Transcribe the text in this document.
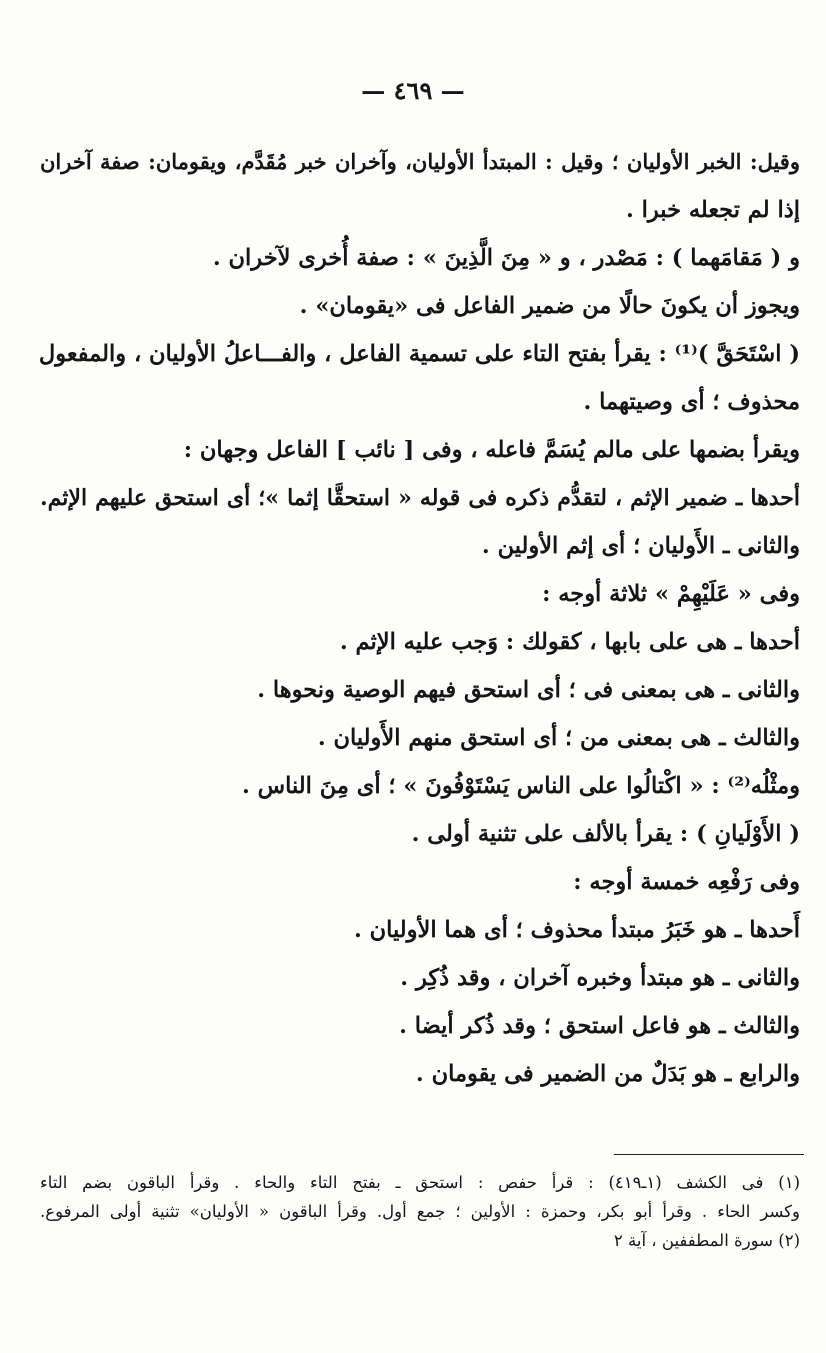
— ٤٦٩ —
وقيل: الخبر الأوليان ؛ وقيل : المبتدأ الأوليان، وآخران خبر مُقَدَّم، ويقومان: صفة آخران
إذا لم تجعله خبرا .
و ( مَقامَهما ) : مَصْدر ، و « مِنَ الَّذِينَ » : صفة أُخرى لآخران .
ويجوز أن يكونَ حالًا من ضمير الفاعل فى «يقومان» .
( اسْتَحَقَّ )⁽¹⁾ : يقرأ بفتح التاء على تسمية الفاعل ، والفـــاعلُ الأوليان ، والمفعول
محذوف ؛ أى وصيتهما .
ويقرأ بضمها على مالم يُسَمَّ فاعله ، وفى [ نائب ] الفاعل وجهان :
أحدها ـ ضمير الإثم ، لتقدُّم ذكره فى قوله « استحقَّا إثما »؛ أى استحق عليهم الإثم.
والثانى ـ الأَوليان ؛ أى إثم الأولين .
وفى « عَلَيْهِمْ » ثلاثة أوجه :
أحدها ـ هى على بابها ، كقولك : وَجب عليه الإثم .
والثانى ـ هى بمعنى فى ؛ أى استحق فيهم الوصية ونحوها .
والثالث ـ هى بمعنى من ؛ أى استحق منهم الأَوليان .
ومثْلُه⁽²⁾ : « اكْتالُوا على الناس يَسْتَوْفُونَ » ؛ أى مِنَ الناس .
( الأَوْلَيانِ ) : يقرأ بالألف على تثنية أولى .
وفى رَفْعِه خمسة أوجه :
أَحدها ـ هو خَبَرُ مبتدأ محذوف ؛ أى هما الأوليان .
والثانى ـ هو مبتدأ وخبره آخران ، وقد ذُكِر .
والثالث ـ هو فاعل استحق ؛ وقد ذُكر أيضا .
والرابع ـ هو بَدَلٌ من الضمير فى يقومان .
(١) فى الكشف (١ـ٤١٩) : قرأ حفص : استحق ـ بفتح التاء والحاء . وقرأ الباقون بضم التاء
وكسر الحاء . وقرأ أبو بكر، وحمزة : الأولين ؛ جمع أول. وقرأ الباقون « الأوليان» تثنية أولى المرفوع.
(٢) سورة المطففين ، آية ٢
